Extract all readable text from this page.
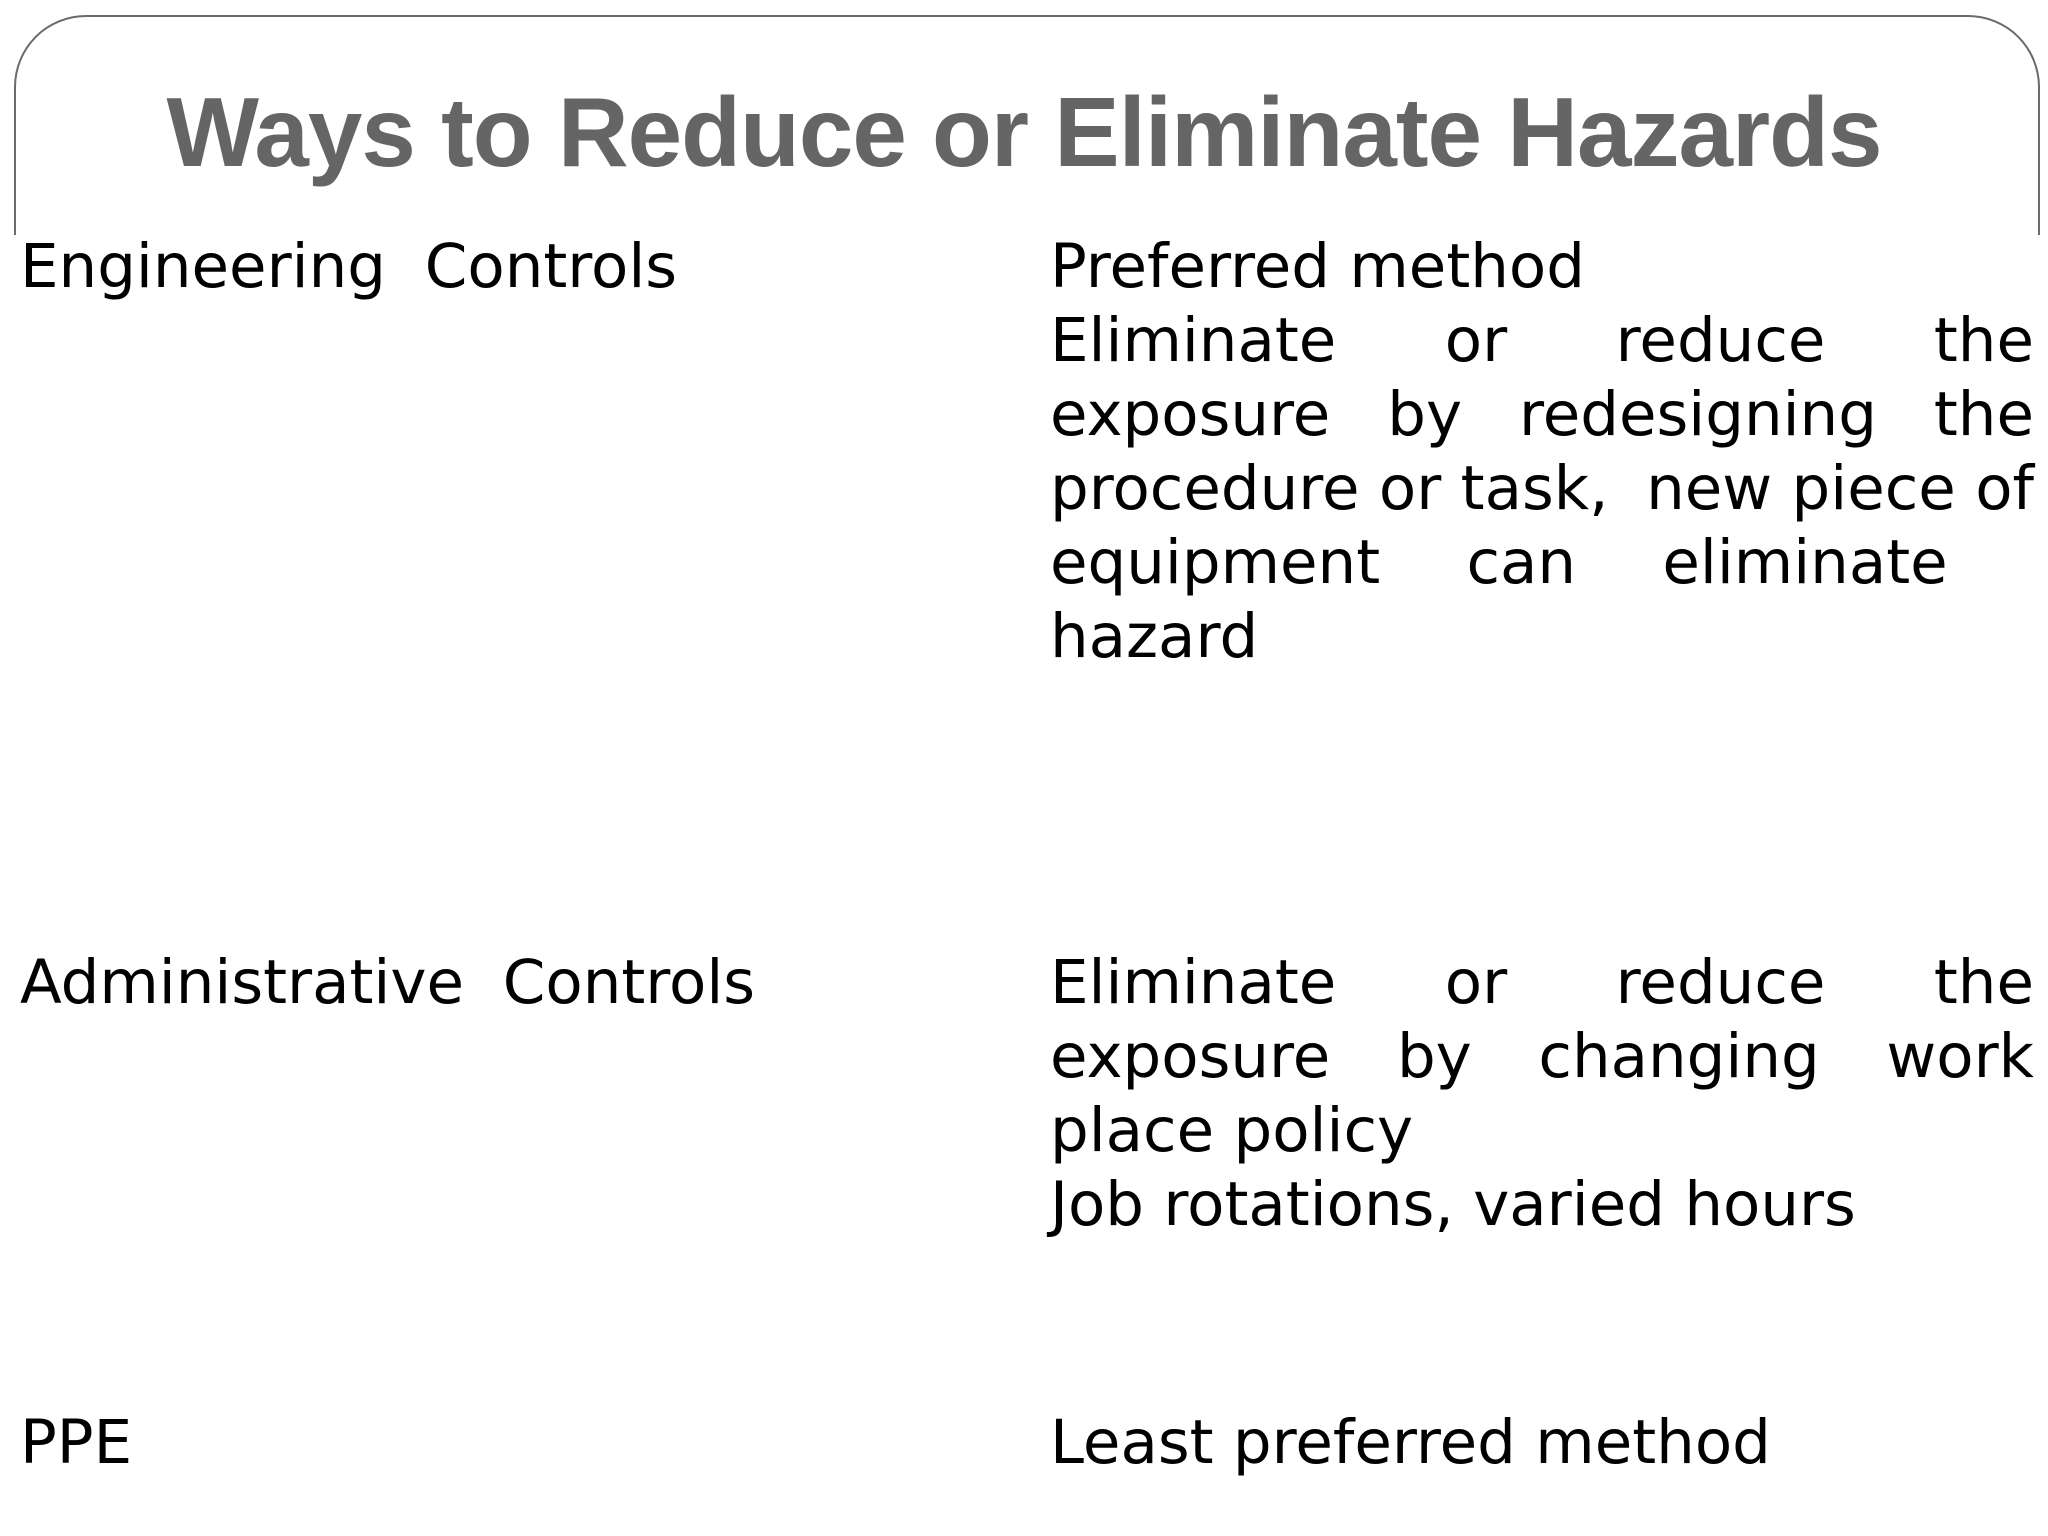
Ways to Reduce or Eliminate Hazards

Engineering  Controls	Preferred method
Eliminate or reduce the
exposure by redesigning the
procedure or task, new piece of
equipment can eliminate
hazard

Administrative  Controls	Eliminate or reduce the
exposure by changing work
place policy
Job rotations, varied hours

PPE	Least preferred method
